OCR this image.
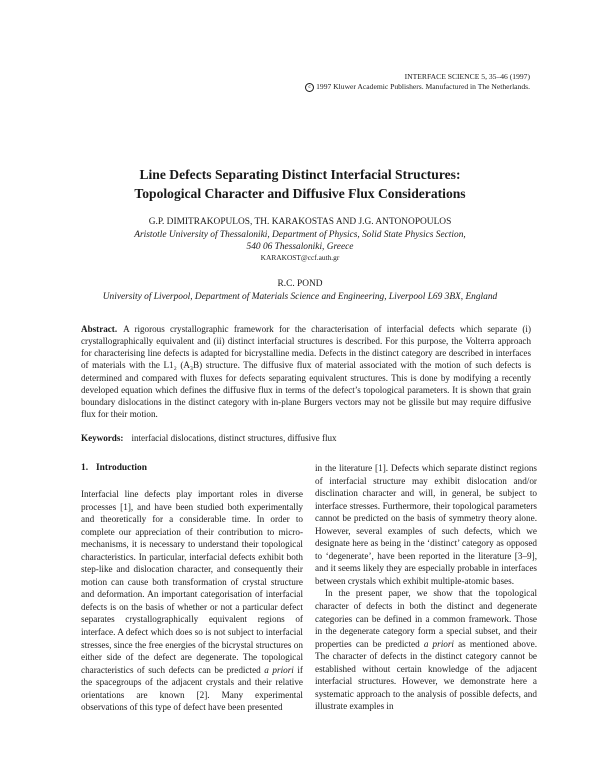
INTERFACE SCIENCE 5, 35–46 (1997)
c 1997 Kluwer Academic Publishers. Manufactured in The Netherlands.
Line Defects Separating Distinct Interfacial Structures:
Topological Character and Diffusive Flux Considerations
G.P. DIMITRAKOPULOS, TH. KARAKOSTAS AND J.G. ANTONOPOULOS
Aristotle University of Thessaloniki, Department of Physics, Solid State Physics Section,
540 06 Thessaloniki, Greece
KARAKOST@ccf.auth.gr
R.C. POND
University of Liverpool, Department of Materials Science and Engineering, Liverpool L69 3BX, England
Abstract. A rigorous crystallographic framework for the characterisation of interfacial defects which separate (i) crystallographically equivalent and (ii) distinct interfacial structures is described. For this purpose, the Volterra approach for characterising line defects is adapted for bicrystalline media. Defects in the distinct category are described in interfaces of materials with the L1₂ (A₃B) structure. The diffusive flux of material associated with the motion of such defects is determined and compared with fluxes for defects separating equivalent structures. This is done by modifying a recently developed equation which defines the diffusive flux in terms of the defect’s topological parameters. It is shown that grain boundary dislocations in the distinct category with in-plane Burgers vectors may not be glissile but may require diffusive flux for their motion.
Keywords: interfacial dislocations, distinct structures, diffusive flux
1. Introduction

Interfacial line defects play important roles in diverse processes [1], and have been studied both experimentally and theoretically for a considerable time. In order to complete our appreciation of their contribution to micro-mechanisms, it is necessary to understand their topological characteristics. In particular, interfacial defects exhibit both step-like and dislocation character, and consequently their motion can cause both transformation of crystal structure and deformation. An important categorisation of interfacial defects is on the basis of whether or not a particular defect separates crystallographically equivalent regions of interface. A defect which does so is not subject to interfacial stresses, since the free energies of the bicrystal structures on either side of the defect are degenerate. The topological characteristics of such defects can be predicted a priori if the spacegroups of the adjacent crystals and their relative orientations are known [2]. Many experimental observations of this type of defect have been presented

in the literature [1]. Defects which separate distinct regions of interfacial structure may exhibit dislocation and/or disclination character and will, in general, be subject to interface stresses. Furthermore, their topological parameters cannot be predicted on the basis of symmetry theory alone. However, several examples of such defects, which we designate here as being in the ‘distinct’ category as opposed to ‘degenerate’, have been reported in the literature [3–9], and it seems likely they are especially probable in interfaces between crystals which exhibit multiple-atomic bases.

In the present paper, we show that the topological character of defects in both the distinct and degenerate categories can be defined in a common framework. Those in the degenerate category form a special subset, and their properties can be predicted a priori as mentioned above. The character of defects in the distinct category cannot be established without certain knowledge of the adjacent interfacial structures. However, we demonstrate here a systematic approach to the analysis of possible defects, and illustrate examples in
